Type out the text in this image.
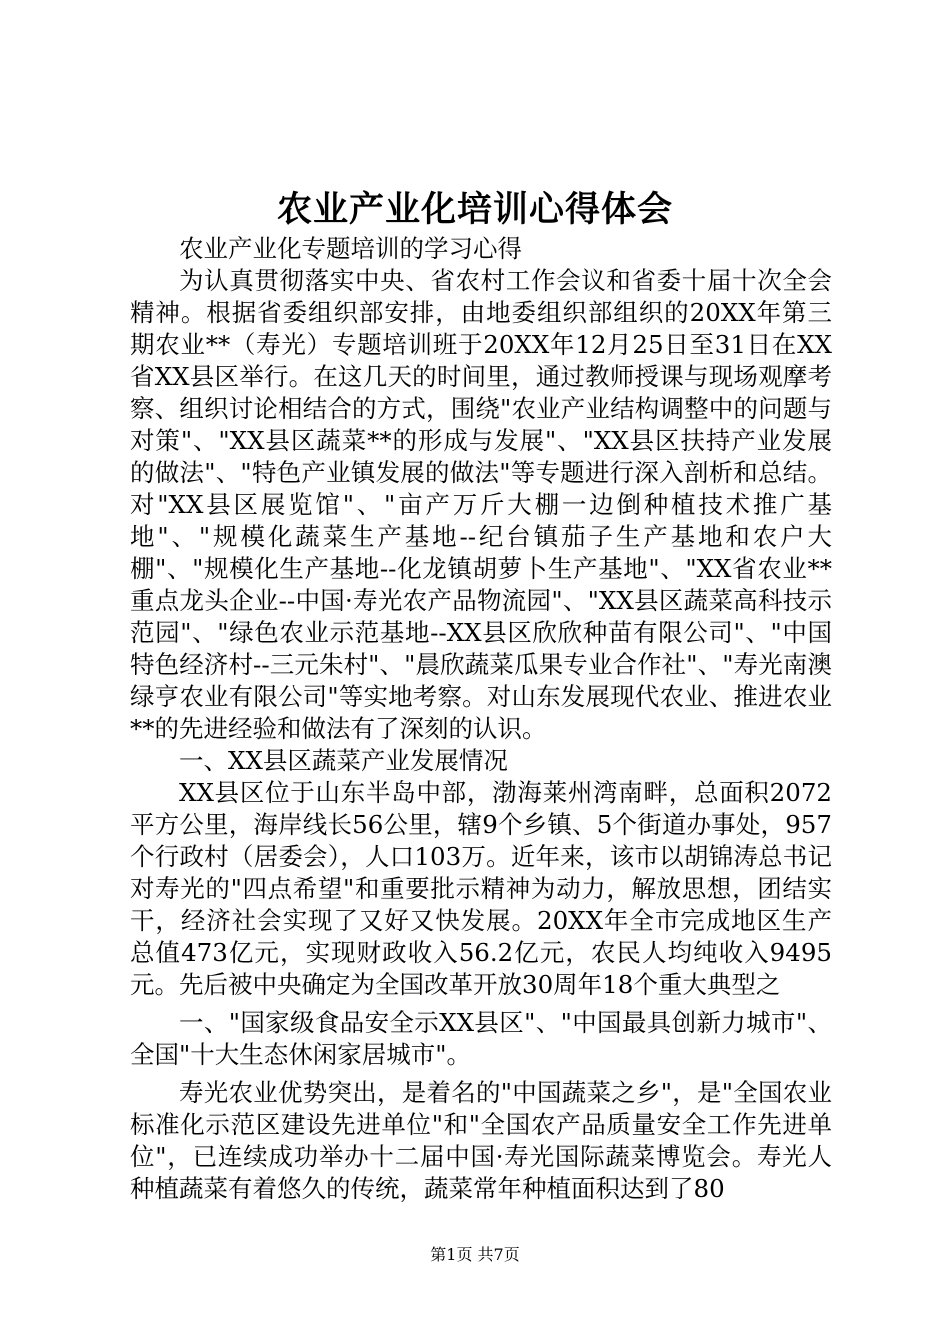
农业产业化培训心得体会

农业产业化专题培训的学习心得

为认真贯彻落实中央、省农村工作会议和省委十届十次全会精神。根据省委组织部安排，由地委组织部组织的20XX年第三期农业**（寿光）专题培训班于20XX年12月25日至31日在XX省XX县区举行。在这几天的时间里，通过教师授课与现场观摩考察、组织讨论相结合的方式，围绕"农业产业结构调整中的问题与对策"、"XX县区蔬菜**的形成与发展"、"XX县区扶持产业发展的做法"、"特色产业镇发展的做法"等专题进行深入剖析和总结。对"XX县区展览馆"、"亩产万斤大棚一边倒种植技术推广基地"、"规模化蔬菜生产基地--纪台镇茄子生产基地和农户大棚"、"规模化生产基地--化龙镇胡萝卜生产基地"、"XX省农业**重点龙头企业--中国·寿光农产品物流园"、"XX县区蔬菜高科技示范园"、"绿色农业示范基地--XX县区欣欣种苗有限公司"、"中国特色经济村--三元朱村"、"晨欣蔬菜瓜果专业合作社"、"寿光南澳绿亨农业有限公司"等实地考察。对山东发展现代农业、推进农业**的先进经验和做法有了深刻的认识。

一、XX县区蔬菜产业发展情况

XX县区位于山东半岛中部，渤海莱州湾南畔，总面积2072平方公里，海岸线长56公里，辖9个乡镇、5个街道办事处，957个行政村（居委会），人口103万。近年来，该市以胡锦涛总书记对寿光的"四点希望"和重要批示精神为动力，解放思想，团结实干，经济社会实现了又好又快发展。20XX年全市完成地区生产总值473亿元，实现财政收入56.2亿元，农民人均纯收入9495元。先后被中央确定为全国改革开放30周年18个重大典型之

一、"国家级食品安全示XX县区"、"中国最具创新力城市"、全国"十大生态休闲家居城市"。

寿光农业优势突出，是着名的"中国蔬菜之乡"，是"全国农业标准化示范区建设先进单位"和"全国农产品质量安全工作先进单位"，已连续成功举办十二届中国·寿光国际蔬菜博览会。寿光人种植蔬菜有着悠久的传统，蔬菜常年种植面积达到了80

第1页 共7页
